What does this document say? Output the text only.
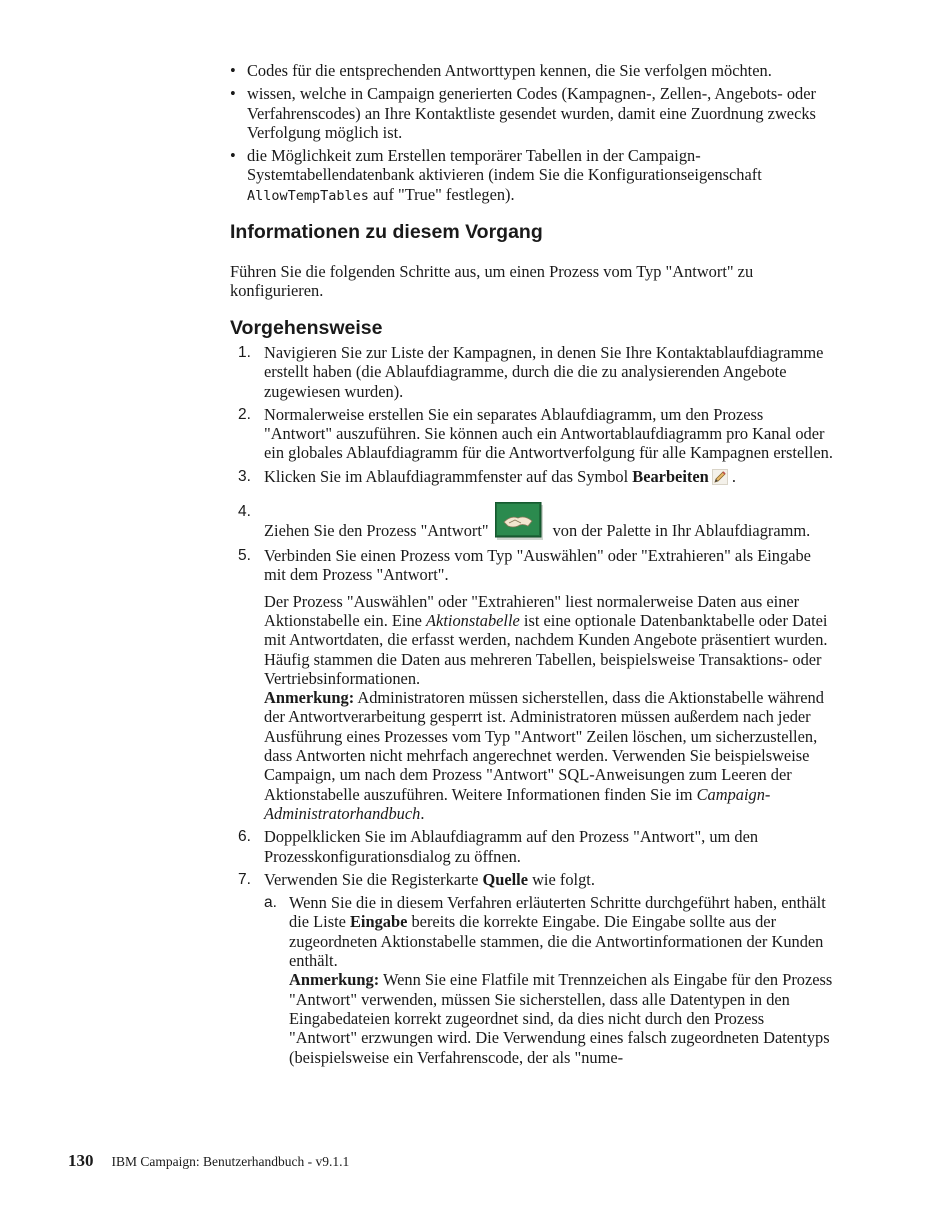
• Codes für die entsprechenden Antworttypen kennen, die Sie verfolgen möchten.
• wissen, welche in Campaign generierten Codes (Kampagnen-, Zellen-, Angebots- oder Verfahrenscodes) an Ihre Kontaktliste gesendet wurden, damit eine Zuordnung zwecks Verfolgung möglich ist.
• die Möglichkeit zum Erstellen temporärer Tabellen in der Campaign-Systemtabellendatenbank aktivieren (indem Sie die Konfigurationseigenschaft
AllowTempTables auf "True" festlegen).
Informationen zu diesem Vorgang

Führen Sie die folgenden Schritte aus, um einen Prozess vom Typ "Antwort" zu konfigurieren.

Vorgehensweise
1. Navigieren Sie zur Liste der Kampagnen, in denen Sie Ihre Kontaktablaufdiagramme erstellt haben (die Ablaufdiagramme, durch die die zu analysierenden Angebote zugewiesen wurden).

2. Normalerweise erstellen Sie ein separates Ablaufdiagramm, um den Prozess "Antwort" auszuführen. Sie können auch ein Antwortablaufdiagramm pro Kanal oder ein globales Ablaufdiagramm für die Antwortverfolgung für alle Kampagnen erstellen.

3. Klicken Sie im Ablaufdiagrammfenster auf das Symbol Bearbeiten .

4.

Ziehen Sie den Prozess "Antwort"	von der Palette in Ihr Ablaufdiagramm.

5. Verbinden Sie einen Prozess vom Typ "Auswählen" oder "Extrahieren" als Eingabe mit dem Prozess "Antwort".

Der Prozess "Auswählen" oder "Extrahieren" liest normalerweise Daten aus einer Aktionstabelle ein. Eine Aktionstabelle ist eine optionale Datenbanktabelle oder Datei mit Antwortdaten, die erfasst werden, nachdem Kunden Angebote präsentiert wurden. Häufig stammen die Daten aus mehreren Tabellen, beispielsweise Transaktions- oder Vertriebsinformationen.

Anmerkung: Administratoren müssen sicherstellen, dass die Aktionstabelle während der Antwortverarbeitung gesperrt ist. Administratoren müssen außerdem nach jeder Ausführung eines Prozesses vom Typ "Antwort" Zeilen löschen, um sicherzustellen, dass Antworten nicht mehrfach angerechnet werden. Verwenden Sie beispielsweise Campaign, um nach dem Prozess "Antwort" SQL-Anweisungen zum Leeren der Aktionstabelle auszuführen. Weitere Informationen finden Sie im Campaign-Administratorhandbuch.

6. Doppelklicken Sie im Ablaufdiagramm auf den Prozess "Antwort", um den Prozesskonfigurationsdialog zu öffnen.

7. Verwenden Sie die Registerkarte Quelle wie folgt.

a. Wenn Sie die in diesem Verfahren erläuterten Schritte durchgeführt haben, enthält die Liste Eingabe bereits die korrekte Eingabe. Die Eingabe sollte aus der zugeordneten Aktionstabelle stammen, die die Antwortinformationen der Kunden enthält.

Anmerkung: Wenn Sie eine Flatfile mit Trennzeichen als Eingabe für den Prozess "Antwort" verwenden, müssen Sie sicherstellen, dass alle Datentypen in den Eingabedateien korrekt zugeordnet sind, da dies nicht durch den Prozess "Antwort" erzwungen wird. Die Verwendung eines falsch zugeordneten Datentyps (beispielsweise ein Verfahrenscode, der als "nume-

130 IBM Campaign: Benutzerhandbuch - v9.1.1
